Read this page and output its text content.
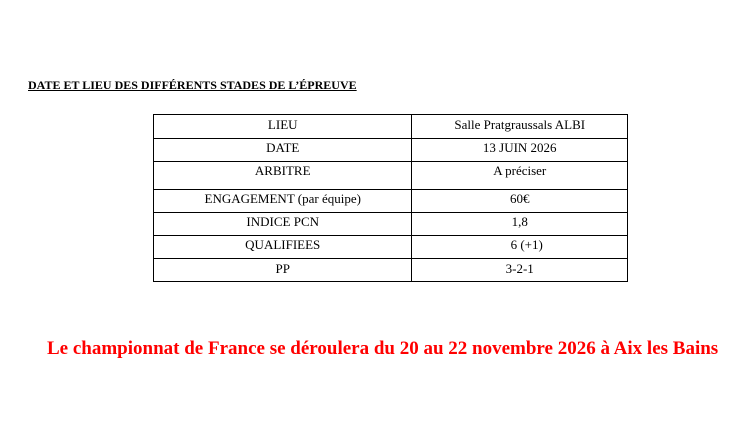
DATE ET LIEU DES DIFFÉRENTS STADES DE L’ÉPREUVE
LIEU	Salle Pratgraussals ALBI
DATE	13 JUIN 2026
ARBITRE	A préciser
ENGAGEMENT (par équipe)	60€
INDICE PCN	1,8
QUALIFIEES	6 (+1)
PP	3-2-1
Le championnat de France se déroulera du 20 au 22 novembre 2026 à Aix les Bains
